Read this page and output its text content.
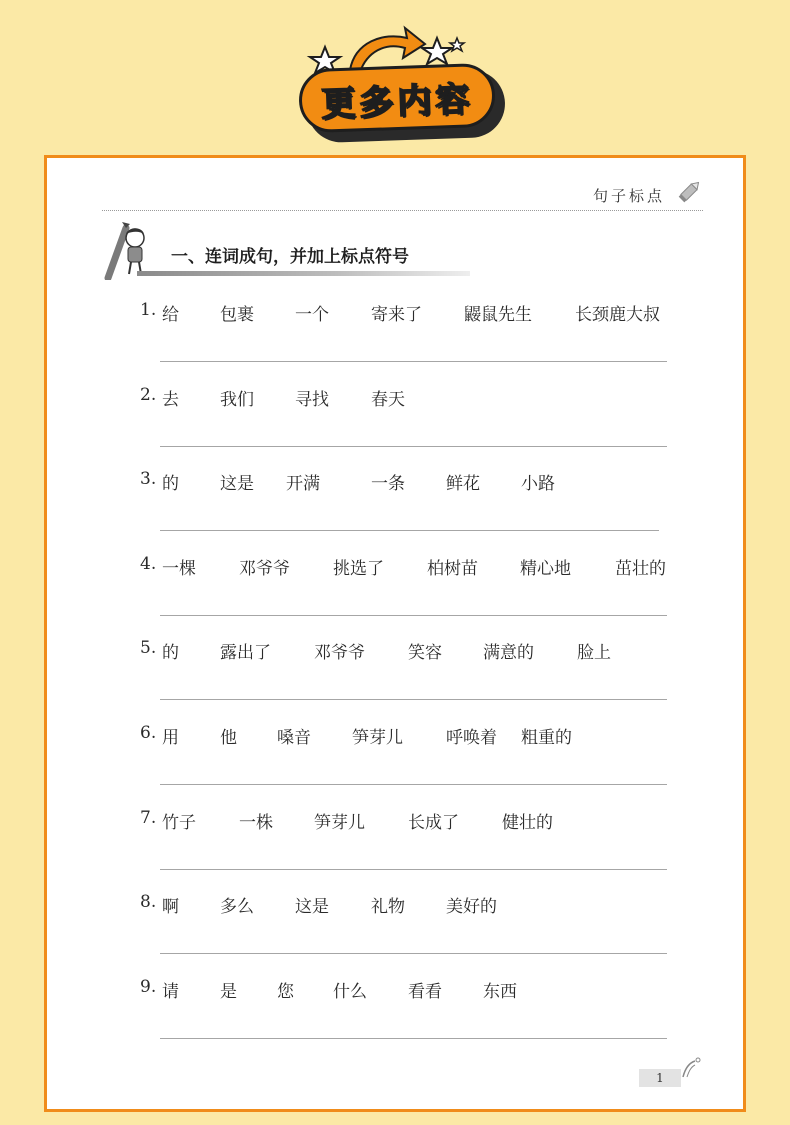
更多内容
句子标点
一、连词成句，并加上标点符号
1. 给 包裹 一个 寄来了 鼹鼠先生	长颈鹿大叔
2. 去 我们 寻找 春天
3. 的 这是 开满	一条 鲜花 小路
4. 一棵	邓爷爷	挑选了	柏树苗 精心地	茁壮的
5. 的 露出了	邓爷爷	笑容 满意的	脸上
6. 用 他 嗓音 笋芽儿	呼唤着 粗重的
7. 竹子	一株 笋芽儿	长成了	健壮的
8. 啊 多么 这是 礼物 美好的
9. 请 是 您 什么 看看 东西
1
